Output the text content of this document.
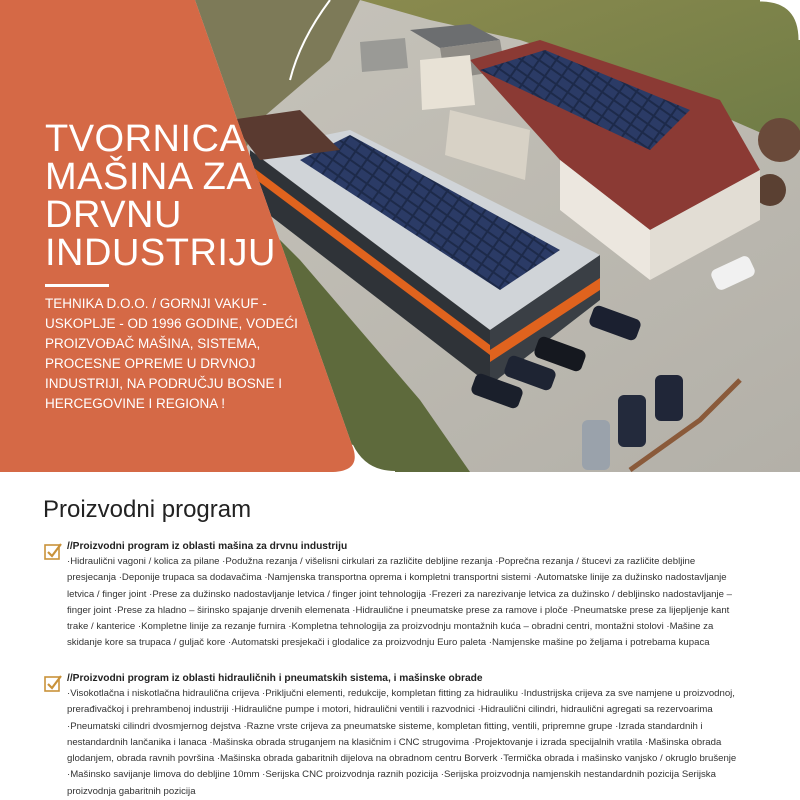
TVORNICA
MAŠINA ZA
DRVNU
INDUSTRIJU

TEHNIKA D.O.O. / GORNJI VAKUF - USKOPLJE - OD 1996 GODINE, VODEĆI PROIZVOĐAČ MAŠINA, SISTEMA, PROCESNE OPREME U DRVNOJ INDUSTRIJI, NA PODRUČJU BOSNE I HERCEGOVINE I REGIONA !

Proizvodni program

//Proizvodni program iz oblasti mašina za drvnu industriju

·Hidraulični vagoni / kolica za pilane ·Podužna rezanja / višelisni cirkulari za različite debljine rezanja ·Poprečna rezanja / štucevi za različite debljine presjecanja ·Deponije trupaca sa dodavačima ·Namjenska transportna oprema i kompletni transportni sistemi ·Automatske linije za dužinsko nadostavljanje letvica / finger joint ·Prese za dužinsko nadostavljanje letvica / finger joint tehnologija ·Frezeri za narezivanje letvica za dužinsko / debljinsko nadostavljanje – finger joint ·Prese za hladno – širinsko spajanje drvenih elemenata ·Hidraulične i pneumatske prese za ramove i ploče ·Pneumatske prese za lijepljenje kant trake / kanterice ·Kompletne linije za rezanje furnira ·Kompletna tehnologija za proizvodnju montažnih kuća – obradni centri, montažni stolovi ·Mašine za skidanje kore sa trupaca / guljač kore ·Automatski presjekači i glodalice za proizvodnju Euro paleta ·Namjenske mašine po željama i potrebama kupaca

//Proizvodni program iz oblasti hidrauličnih i pneumatskih sistema, i mašinske obrade

·Visokotlačna i niskotlačna hidraulična crijeva ·Priključni elementi, redukcije, kompletan fitting za hidrauliku ·Industrijska crijeva za sve namjene u proizvodnoj, prerađivačkoj i prehrambenoj industriji ·Hidraulične pumpe i motori, hidraulični ventili i razvodnici ·Hidraulični cilindri, hidraulični agregati sa rezervoarima ·Pneumatski cilindri dvosmjernog dejstva ·Razne vrste crijeva za pneumatske sisteme, kompletan fitting, ventili, pripremne grupe ·Izrada standardnih i nestandardnih lančanika i lanaca ·Mašinska obrada struganjem na klasičnim i CNC strugovima ·Projektovanje i izrada specijalnih vratila ·Mašinska obrada glodanjem, obrada ravnih površina ·Mašinska obrada gabaritnih dijelova na obradnom centru Borverk ·Termička obrada i mašinsko vanjsko / okruglo brušenje ·Mašinsko savijanje limova do debljine 10mm ·Serijska CNC proizvodnja raznih pozicija ·Serijska proizvodnja namjenskih nestandardnih pozicija Serijska proizvodnja gabaritnih pozicija
